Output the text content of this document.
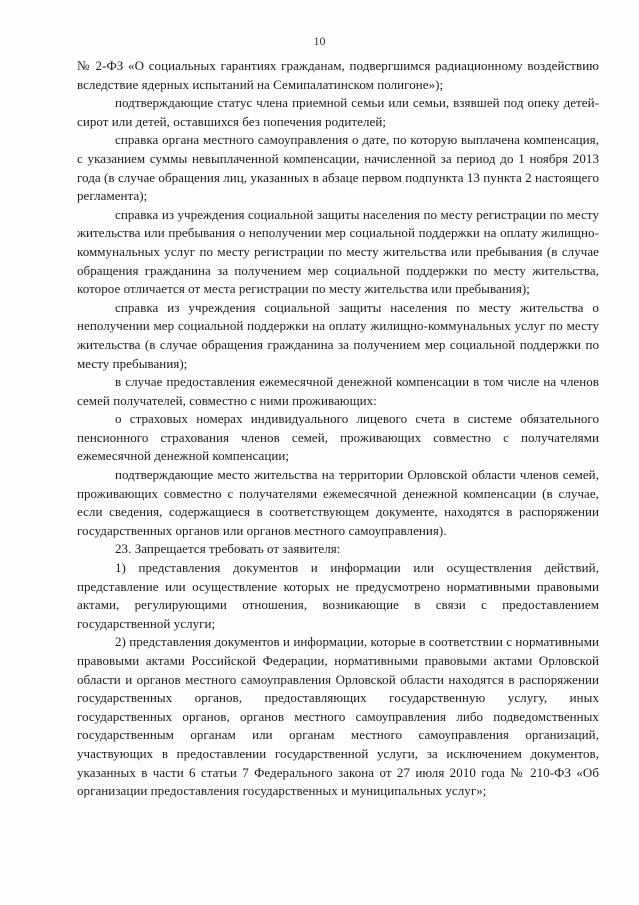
10

№ 2-ФЗ «О социальных гарантиях гражданам, подвергшимся радиационному воздействию вследствие ядерных испытаний на Семипалатинском полигоне»);

подтверждающие статус члена приемной семьи или семьи, взявшей под опеку детей-сирот или детей, оставшихся без попечения родителей;

справка органа местного самоуправления о дате, по которую выплачена компенсация, с указанием суммы невыплаченной компенсации, начисленной за период до 1 ноября 2013 года (в случае обращения лиц, указанных в абзаце первом подпункта 13 пункта 2 настоящего регламента);

справка из учреждения социальной защиты населения по месту регистрации по месту жительства или пребывания о неполучении мер социальной поддержки на оплату жилищно-коммунальных услуг по месту регистрации по месту жительства или пребывания (в случае обращения гражданина за получением мер социальной поддержки по месту жительства, которое отличается от места регистрации по месту жительства или пребывания);

справка из учреждения социальной защиты населения по месту жительства о неполучении мер социальной поддержки на оплату жилищно-коммунальных услуг по месту жительства (в случае обращения гражданина за получением мер социальной поддержки по месту пребывания);

в случае предоставления ежемесячной денежной компенсации в том числе на членов семей получателей, совместно с ними проживающих:

о страховых номерах индивидуального лицевого счета в системе обязательного пенсионного страхования членов семей, проживающих совместно с получателями ежемесячной денежной компенсации;

подтверждающие место жительства на территории Орловской области членов семей, проживающих совместно с получателями ежемесячной денежной компенсации (в случае, если сведения, содержащиеся в соответствующем документе, находятся в распоряжении государственных органов или органов местного самоуправления).

23. Запрещается требовать от заявителя:

1) представления документов и информации или осуществления действий, представление или осуществление которых не предусмотрено нормативными правовыми актами, регулирующими отношения, возникающие в связи с предоставлением государственной услуги;

2) представления документов и информации, которые в соответствии с нормативными правовыми актами Российской Федерации, нормативными правовыми актами Орловской области и органов местного самоуправления Орловской области находятся в распоряжении государственных органов, предоставляющих государственную услугу, иных государственных органов, органов местного самоуправления либо подведомственных государственным органам или органам местного самоуправления организаций, участвующих в предоставлении государственной услуги, за исключением документов, указанных в части 6 статьи 7 Федерального закона от 27 июля 2010 года № 210-ФЗ «Об организации предоставления государственных и муниципальных услуг»;
